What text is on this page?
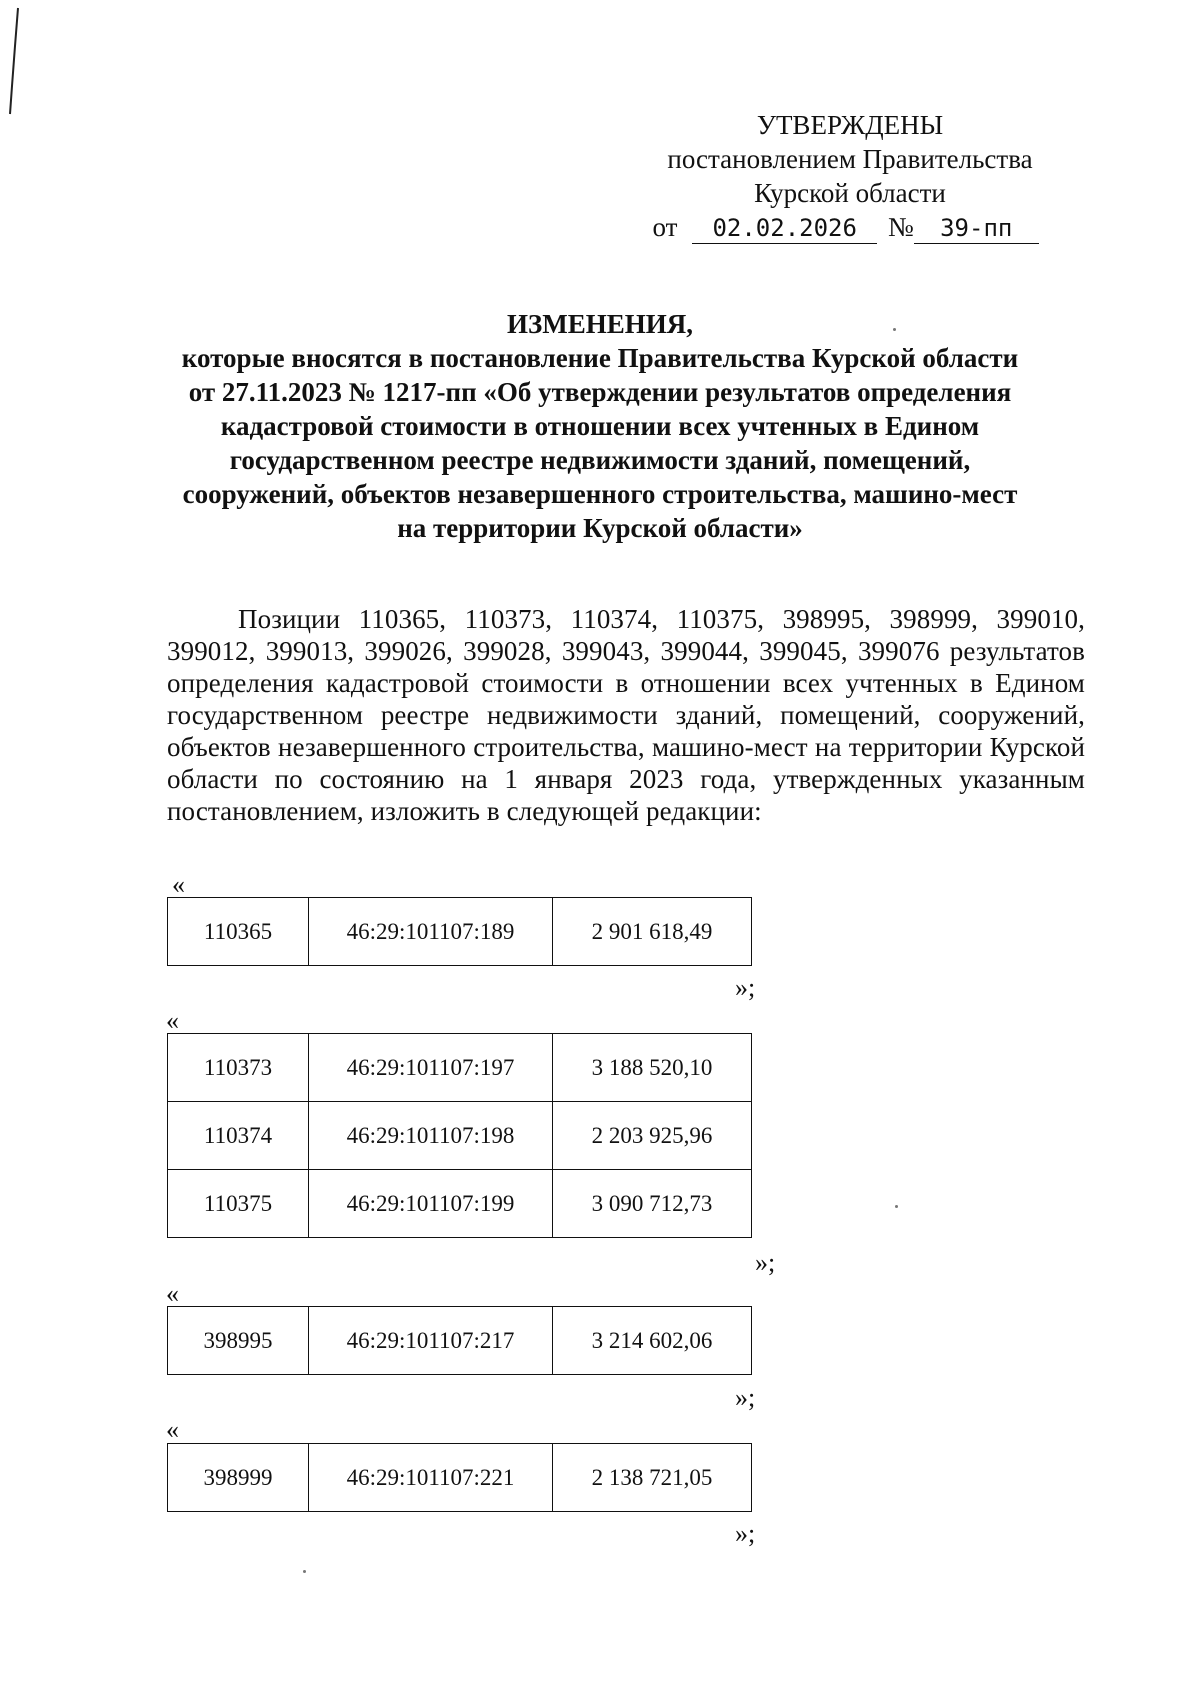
УТВЕРЖДЕНЫ
постановлением Правительства
Курской области
от 02.02.2026 № 39-пп
ИЗМЕНЕНИЯ,
которые вносятся в постановление Правительства Курской области
от 27.11.2023 № 1217-пп «Об утверждении результатов определения
кадастровой стоимости в отношении всех учтенных в Едином
государственном реестре недвижимости зданий, помещений,
сооружений, объектов незавершенного строительства, машино-мест
на территории Курской области»
Позиции 110365, 110373, 110374, 110375, 398995, 398999, 399010, 399012, 399013, 399026, 399028, 399043, 399044, 399045, 399076 результатов определения кадастровой стоимости в отношении всех учтенных в Едином государственном реестре недвижимости зданий, помещений, сооружений, объектов незавершенного строительства, машино-мест на территории Курской области по состоянию на 1 января 2023 года, утвержденных указанным постановлением, изложить в следующей редакции:
«
110365	46:29:101107:189	2 901 618,49
»;
«
110373	46:29:101107:197	3 188 520,10
110374	46:29:101107:198	2 203 925,96
110375	46:29:101107:199	3 090 712,73
»;
«
398995	46:29:101107:217	3 214 602,06
»;
«
398999	46:29:101107:221	2 138 721,05
»;
